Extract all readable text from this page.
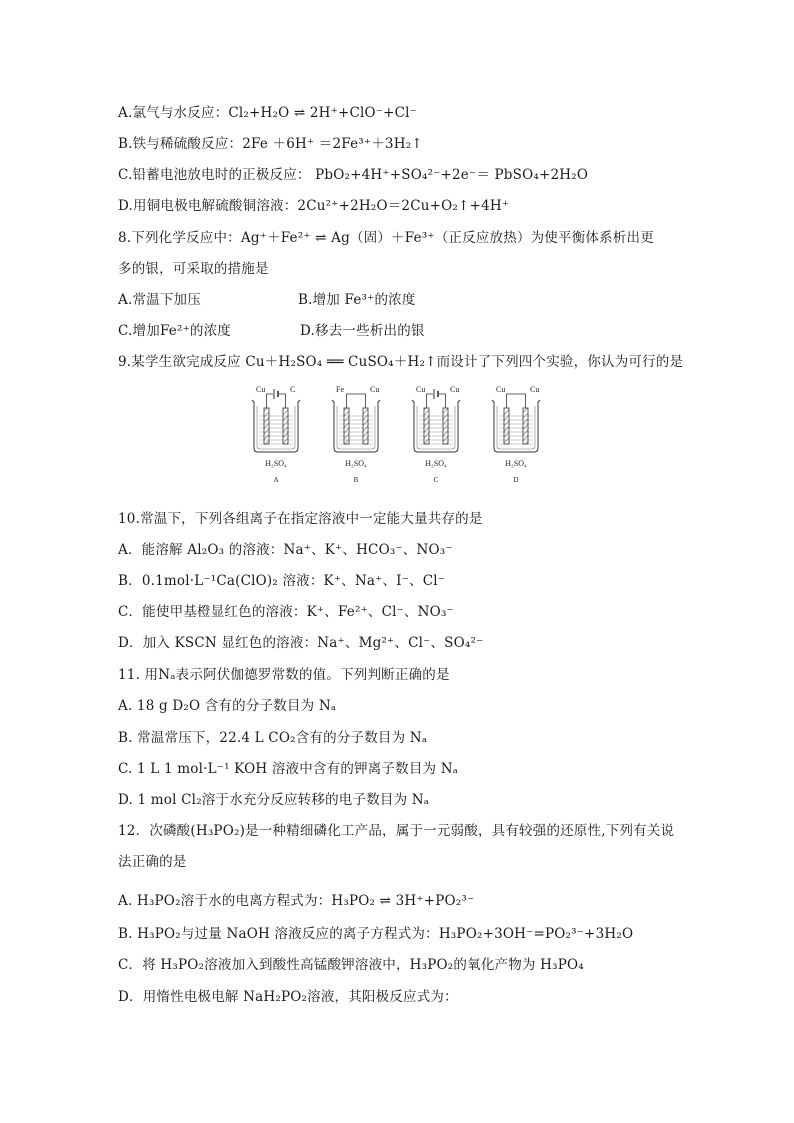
A.氯气与水反应：Cl₂+H₂O ⇌ 2H⁺+ClO⁻+Cl⁻
B.铁与稀硫酸反应：2Fe ＋6H⁺ ＝2Fe³⁺＋3H₂↑
C.铅蓄电池放电时的正极反应： PbO₂+4H⁺+SO₄²⁻+2e⁻＝ PbSO₄+2H₂O
D.用铜电极电解硫酸铜溶液：2Cu²⁺+2H₂O＝2Cu+O₂↑+4H⁺
8.下列化学反应中：Ag⁺＋Fe²⁺ ⇌ Ag（固）＋Fe³⁺（正反应放热）为使平衡体系析出更
多的银，可采取的措施是
A.常温下加压	B.增加 Fe³⁺的浓度
C.增加Fe²⁺的浓度	D.移去一些析出的银
9.某学生欲完成反应 Cu＋H₂SO₄ ══ CuSO₄＋H₂↑而设计了下列四个实验，你认为可行的是
Cu	C
H₂SO₄
A
Fe	Cu
H₂SO₄
B
Cu	Cu
H₂SO₄
C
Cu	Cu
H₂SO₄
D
10.常温下，下列各组离子在指定溶液中一定能大量共存的是
A．能溶解 Al₂O₃ 的溶液：Na⁺、K⁺、HCO₃⁻、NO₃⁻
B．0.1mol·L⁻¹Ca(ClO)₂ 溶液：K⁺、Na⁺、I⁻、Cl⁻
C．能使甲基橙显红色的溶液：K⁺、Fe²⁺、Cl⁻、NO₃⁻
D．加入 KSCN 显红色的溶液：Na⁺、Mg²⁺、Cl⁻、SO₄²⁻
11. 用Nₐ表示阿伏伽德罗常数的值。下列判断正确的是
A. 18 g D₂O 含有的分子数目为 Nₐ
B. 常温常压下，22.4 L CO₂含有的分子数目为 Nₐ
C. 1 L 1 mol·L⁻¹ KOH 溶液中含有的钾离子数目为 Nₐ
D. 1 mol Cl₂溶于水充分反应转移的电子数目为 Nₐ
12．次磷酸(H₃PO₂)是一种精细磷化工产品，属于一元弱酸，具有较强的还原性,下列有关说
法正确的是
A. H₃PO₂溶于水的电离方程式为：H₃PO₂ ⇌ 3H⁺+PO₂³⁻
B. H₃PO₂与过量 NaOH 溶液反应的离子方程式为：H₃PO₂+3OH⁻=PO₂³⁻+3H₂O
C．将 H₃PO₂溶液加入到酸性高锰酸钾溶液中，H₃PO₂的氧化产物为 H₃PO₄
D．用惰性电极电解 NaH₂PO₂溶液，其阳极反应式为：
